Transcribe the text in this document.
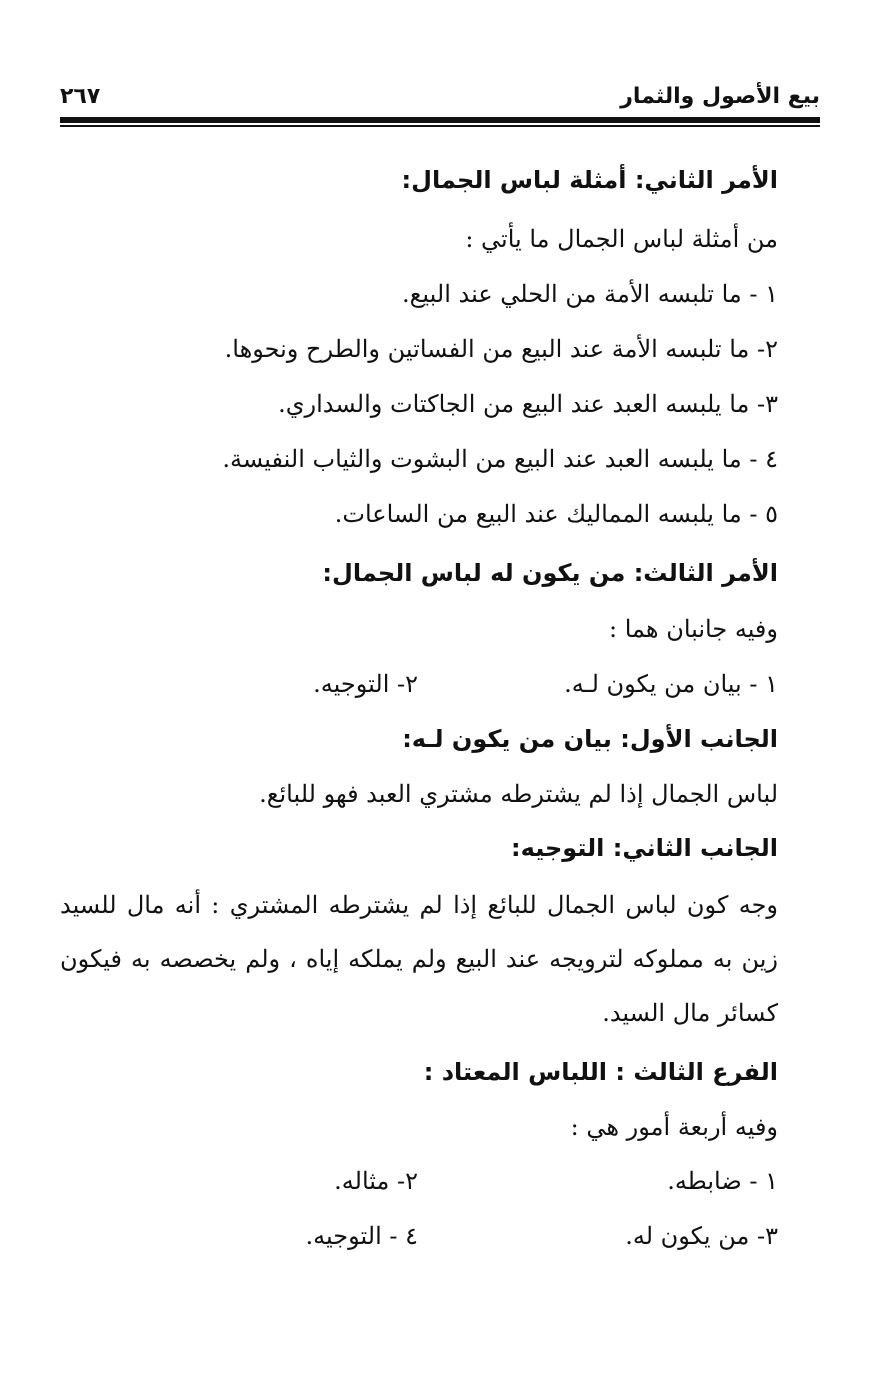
بيع الأصول والثمار
٢٦٧
الأمر الثاني: أمثلة لباس الجمال:
من أمثلة لباس الجمال ما يأتي :
١ - ما تلبسه الأمة من الحلي عند البيع.
٢- ما تلبسه الأمة عند البيع من الفساتين والطرح ونحوها.
٣- ما يلبسه العبد عند البيع من الجاكتات والسداري.
٤ - ما يلبسه العبد عند البيع من البشوت والثياب النفيسة.
٥ - ما يلبسه المماليك عند البيع من الساعات.
الأمر الثالث: من يكون له لباس الجمال:
وفيه جانبان هما :
١ - بيان من يكون لـه.
٢- التوجيه.
الجانب الأول: بيان من يكون لـه:
لباس الجمال إذا لم يشترطه مشتري العبد فهو للبائع.
الجانب الثاني: التوجيه:
وجه كون لباس الجمال للبائع إذا لم يشترطه المشتري : أنه مال للسيد زين به مملوكه لترويجه عند البيع ولم يملكه إياه ، ولم يخصصه به فيكون كسائر مال السيد.
الفرع الثالث : اللباس المعتاد :
وفيه أربعة أمور هي :
١ - ضابطه.
٢- مثاله.
٣- من يكون له.
٤ - التوجيه.
